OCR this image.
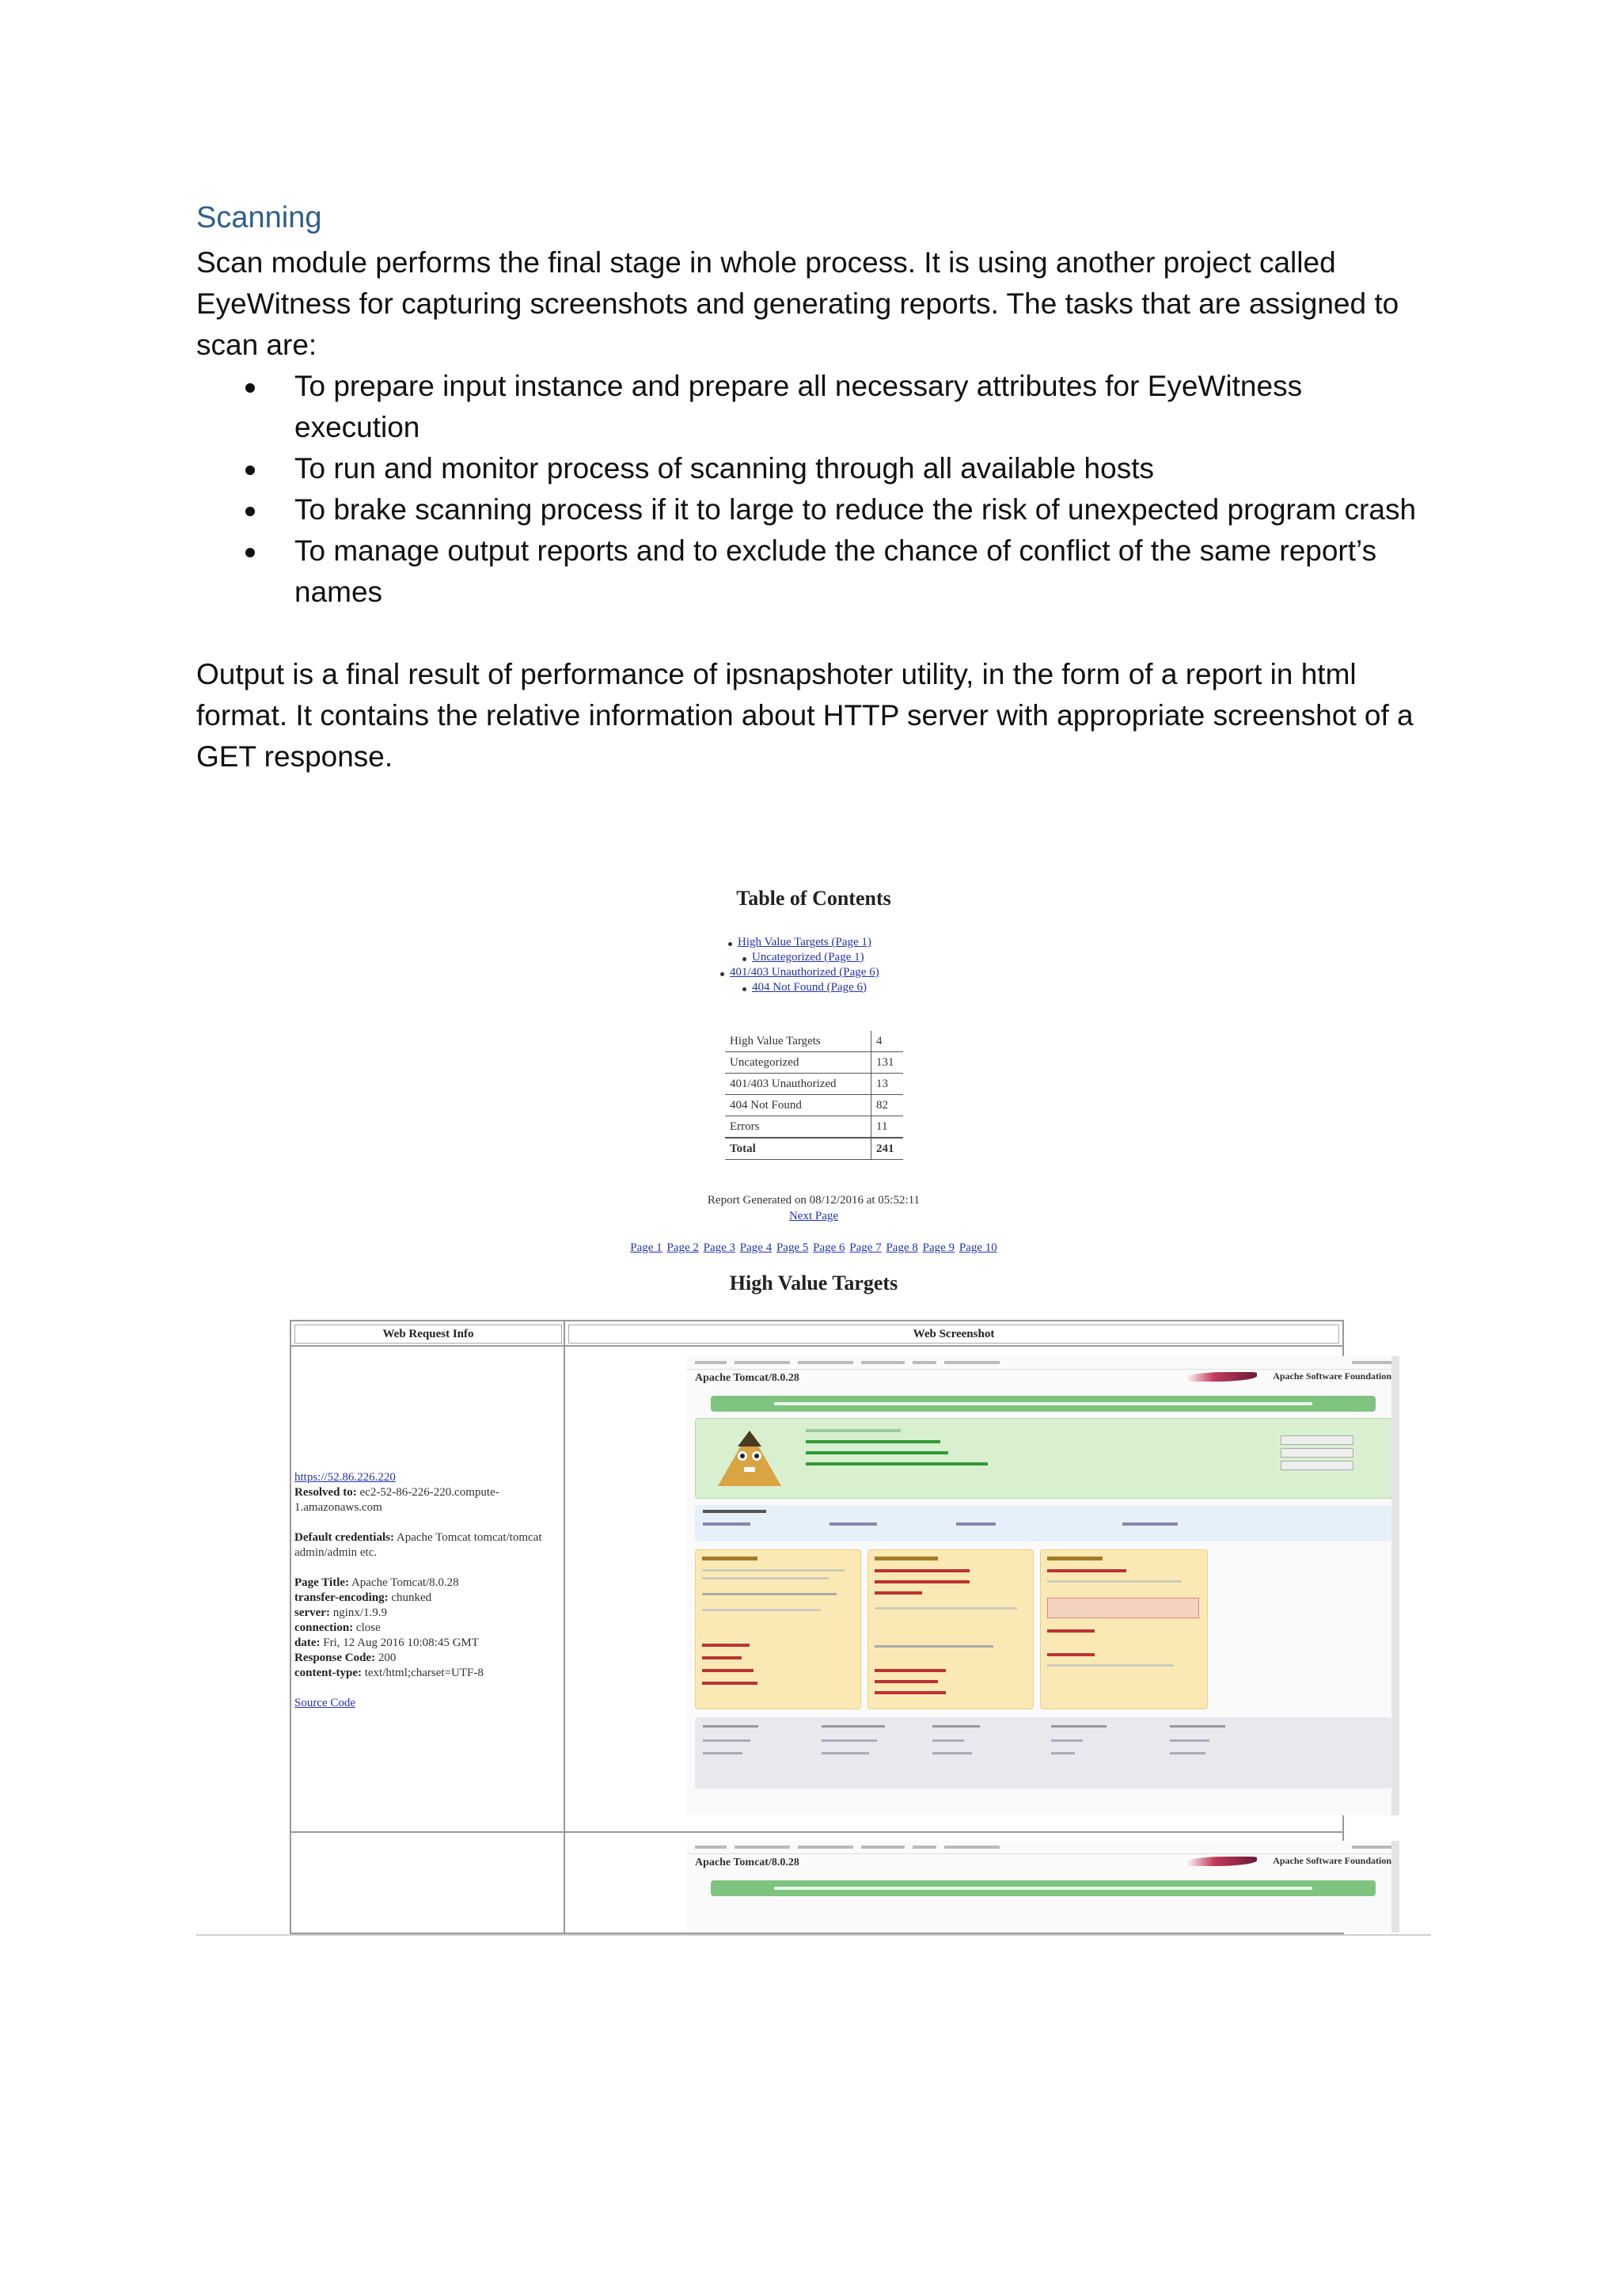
Scanning

Scan module performs the final stage in whole process. It is using another project called EyeWitness for capturing screenshots and generating reports. The tasks that are assigned to scan are:

To prepare input instance and prepare all necessary attributes for EyeWitness execution
To run and monitor process of scanning through all available hosts
To brake scanning process if it to large to reduce the risk of unexpected program crash
To manage output reports and to exclude the chance of conflict of the same report’s names

Output is a final result of performance of ipsnapshoter utility, in the form of a report in html format. It contains the relative information about HTTP server with appropriate screenshot of a GET response.

Table of Contents
High Value Targets (Page 1)
Uncategorized (Page 1)
401/403 Unauthorized (Page 6)
404 Not Found (Page 6)
High Value Targets	4
Uncategorized	131
401/403 Unauthorized	13
404 Not Found	82
Errors	11
Total	241
Report Generated on 08/12/2016 at 05:52:11
Next Page
Page 1 Page 2 Page 3 Page 4 Page 5 Page 6 Page 7 Page 8 Page 9 Page 10
High Value Targets
Web Request Info	Web Screenshot
https://52.86.226.220
Resolved to: ec2-52-86-226-220.compute-1.amazonaws.com
Default credentials: Apache Tomcat tomcat/tomcat admin/admin etc.
Page Title: Apache Tomcat/8.0.28
transfer-encoding: chunked
server: nginx/1.9.9
connection: close
date: Fri, 12 Aug 2016 10:08:45 GMT
Response Code: 200
content-type: text/html;charset=UTF-8
Source Code
Apache Tomcat/8.0.28	Apache Software Foundation
Apache Tomcat/8.0.28	Apache Software Foundation
